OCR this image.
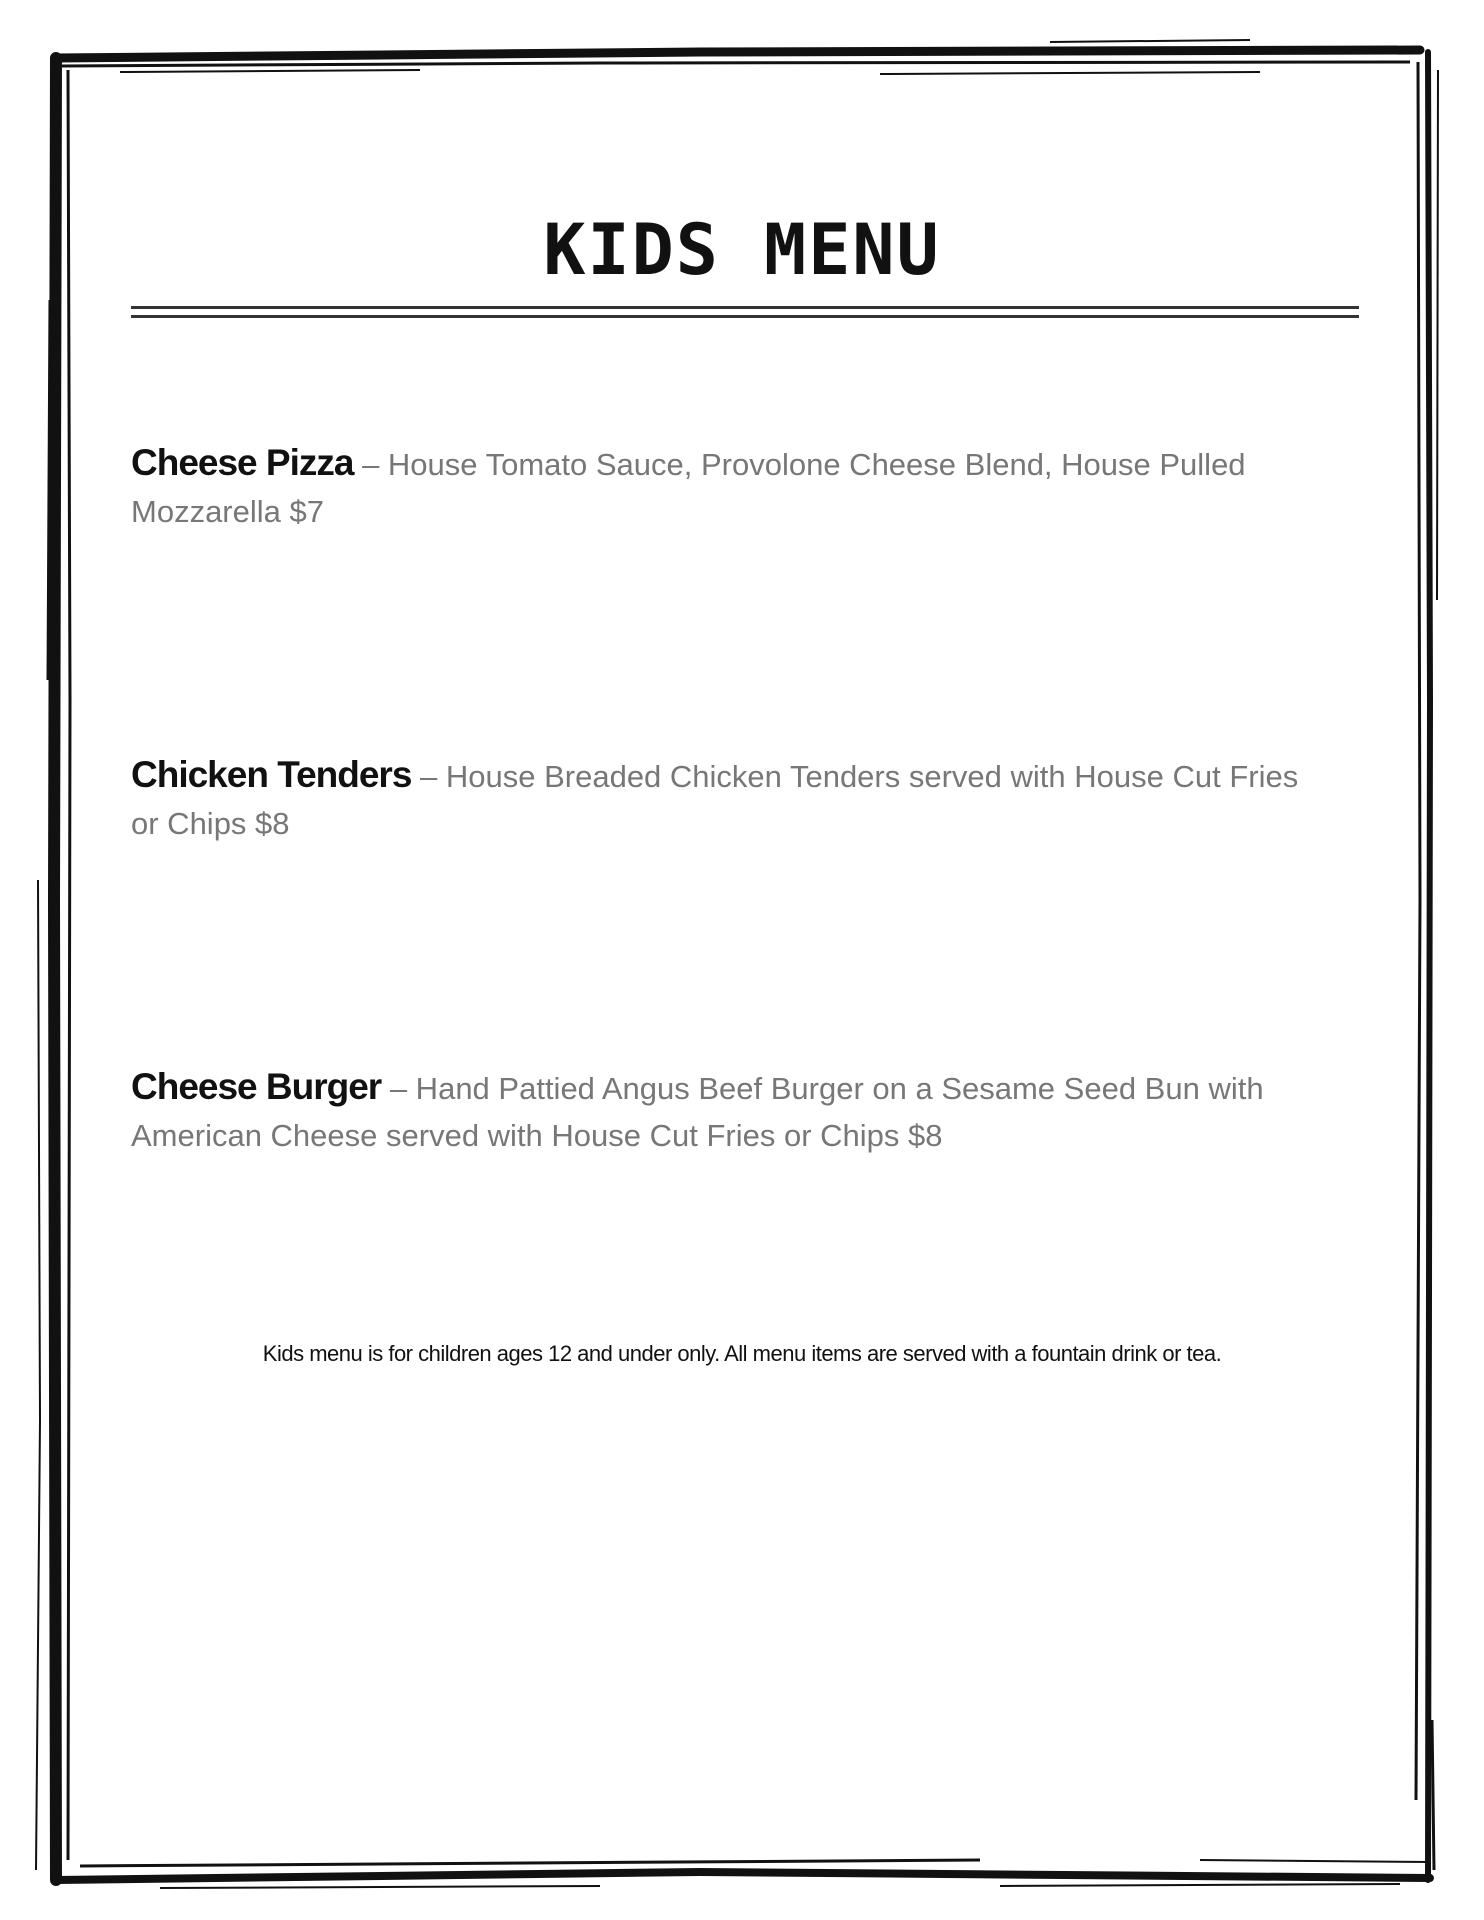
KIDS MENU
Cheese Pizza – House Tomato Sauce, Provolone Cheese Blend, House Pulled Mozzarella $7
Chicken Tenders – House Breaded Chicken Tenders served with House Cut Fries or Chips $8
Cheese Burger – Hand Pattied Angus Beef Burger on a Sesame Seed Bun with American Cheese served with House Cut Fries or Chips $8
Kids menu is for children ages 12 and under only. All menu items are served with a fountain drink or tea.
